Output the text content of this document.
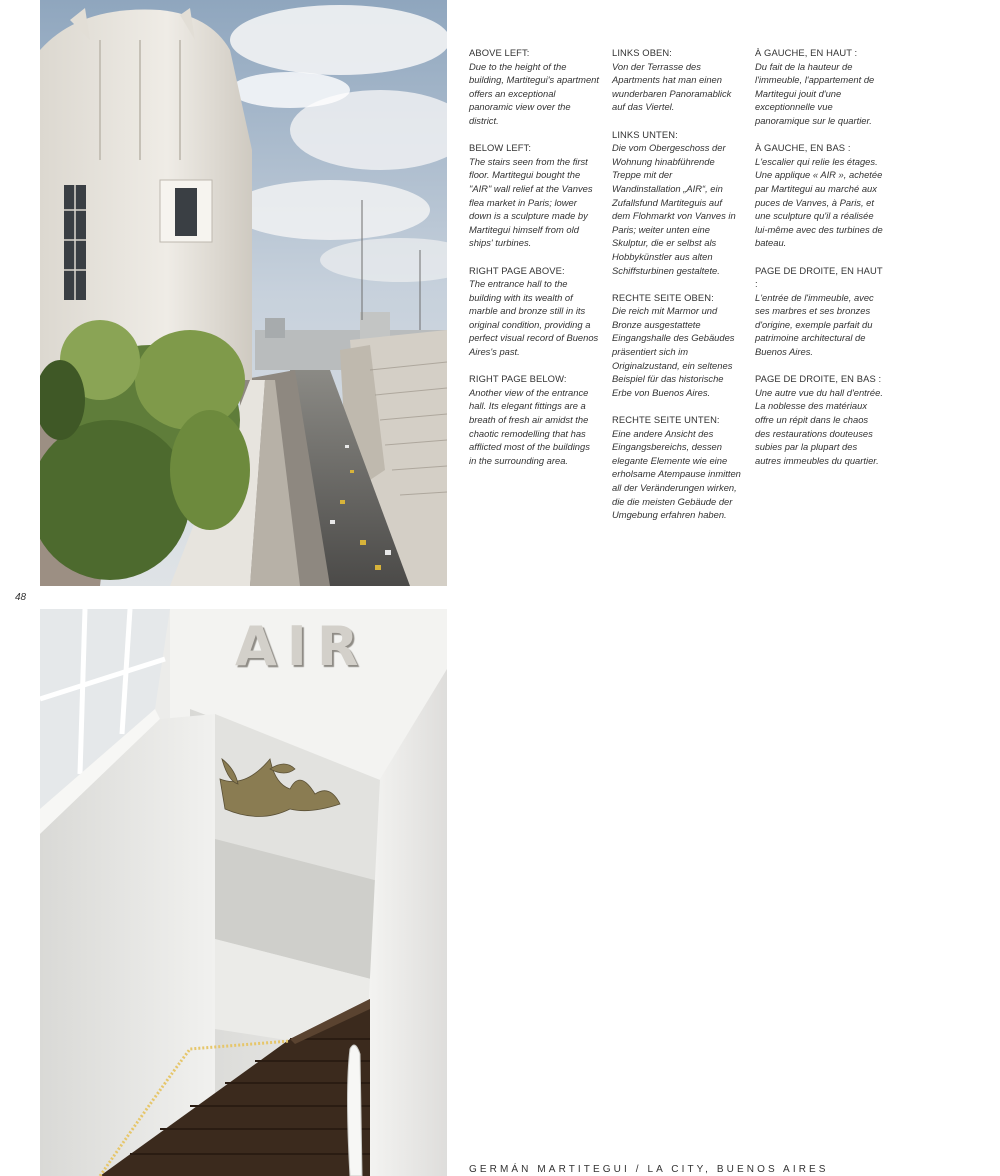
48
AIR
ABOVE LEFT:
Due to the height of the building, Martitegui's apartment offers an exceptional panoramic view over the district.
BELOW LEFT:
The stairs seen from the first floor. Martitegui bought the "AIR" wall relief at the Vanves flea market in Paris; lower down is a sculpture made by Martitegui himself from old ships' turbines.
RIGHT PAGE ABOVE:
The entrance hall to the building with its wealth of marble and bronze still in its original condition, providing a perfect visual record of Buenos Aires's past.
RIGHT PAGE BELOW:
Another view of the entrance hall. Its elegant fittings are a breath of fresh air amidst the chaotic remodelling that has afflicted most of the buildings in the surrounding area.
LINKS OBEN:
Von der Terrasse des Apartments hat man einen wunderbaren Panoramablick auf das Viertel.
LINKS UNTEN:
Die vom Obergeschoss der Wohnung hinabführende Treppe mit der Wandinstallation „AIR“, ein Zufallsfund Martiteguis auf dem Flohmarkt von Vanves in Paris; weiter unten eine Skulptur, die er selbst als Hobbykünstler aus alten Schiffsturbinen gestaltete.
RECHTE SEITE OBEN:
Die reich mit Marmor und Bronze ausgestattete Eingangshalle des Gebäudes präsentiert sich im Originalzustand, ein seltenes Beispiel für das historische Erbe von Buenos Aires.
RECHTE SEITE UNTEN:
Eine andere Ansicht des Eingangsbereichs, dessen elegante Elemente wie eine erholsame Atempause inmitten all der Veränderungen wirken, die die meisten Gebäude der Umgebung erfahren haben.
À GAUCHE, EN HAUT :
Du fait de la hauteur de l'immeuble, l'appartement de Martitegui jouit d'une exceptionnelle vue panoramique sur le quartier.
À GAUCHE, EN BAS :
L'escalier qui relie les étages. Une applique « AIR », achetée par Martitegui au marché aux puces de Vanves, à Paris, et une sculpture qu'il a réalisée lui-même avec des turbines de bateau.
PAGE DE DROITE, EN HAUT :
L'entrée de l'immeuble, avec ses marbres et ses bronzes d'origine, exemple parfait du patrimoine architectural de Buenos Aires.
PAGE DE DROITE, EN BAS :
Une autre vue du hall d'entrée. La noblesse des matériaux offre un répit dans le chaos des restaurations douteuses subies par la plupart des autres immeubles du quartier.
GERMÁN MARTITEGUI / LA CITY, BUENOS AIRES
